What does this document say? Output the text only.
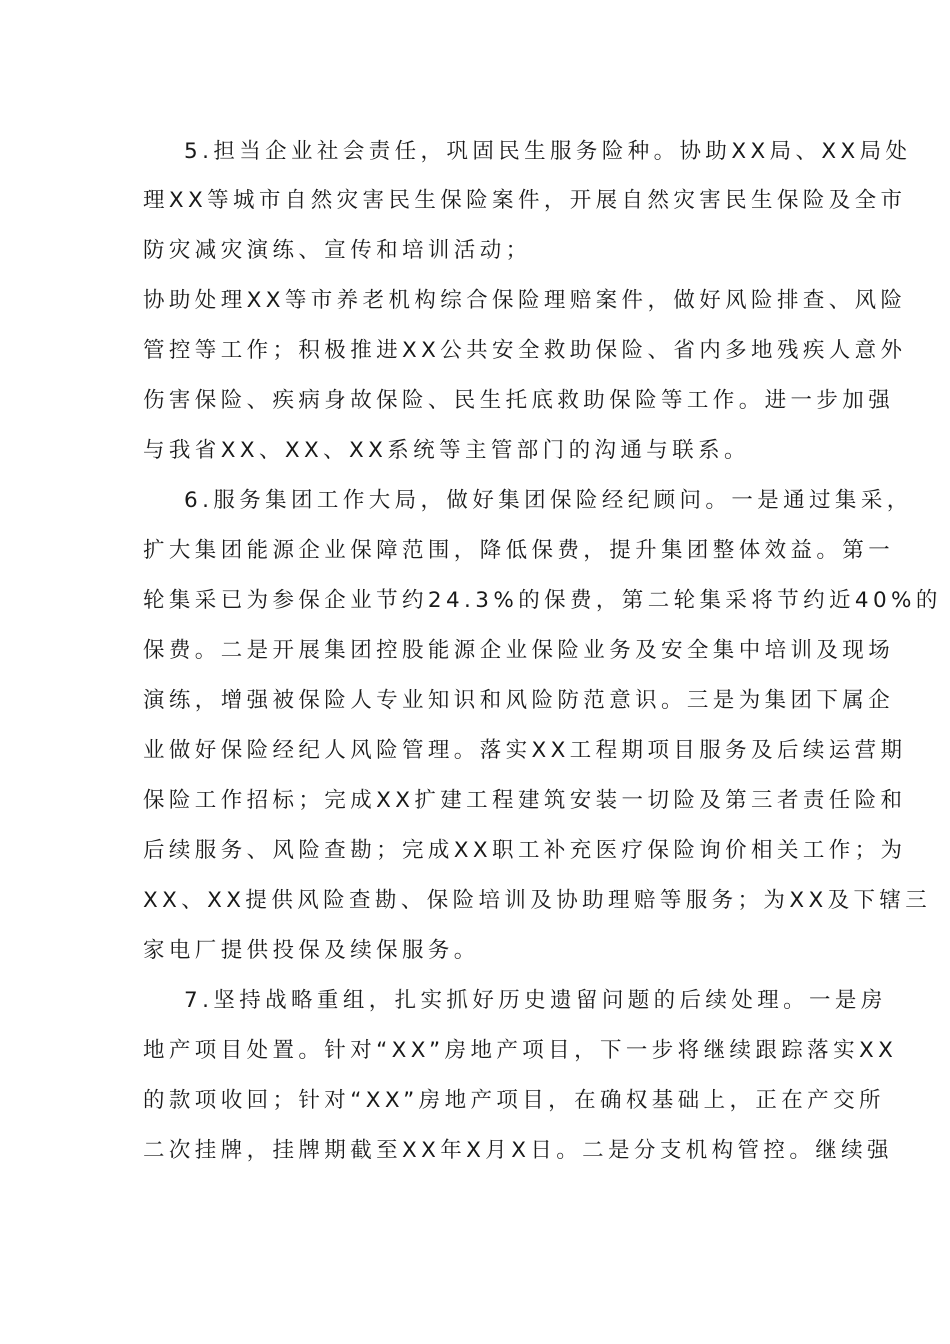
5.担当企业社会责任，巩固民生服务险种。协助XX局、XX局处
理XX等城市自然灾害民生保险案件，开展自然灾害民生保险及全市
防灾减灾演练、宣传和培训活动；
协助处理XX等市养老机构综合保险理赔案件，做好风险排查、风险
管控等工作；积极推进XX公共安全救助保险、省内多地残疾人意外
伤害保险、疾病身故保险、民生托底救助保险等工作。进一步加强
与我省XX、XX、XX系统等主管部门的沟通与联系。
6.服务集团工作大局，做好集团保险经纪顾问。一是通过集采，
扩大集团能源企业保障范围，降低保费，提升集团整体效益。第一
轮集采已为参保企业节约24.3%的保费，第二轮集采将节约近40%的
保费。二是开展集团控股能源企业保险业务及安全集中培训及现场
演练，增强被保险人专业知识和风险防范意识。三是为集团下属企
业做好保险经纪人风险管理。落实XX工程期项目服务及后续运营期
保险工作招标；完成XX扩建工程建筑安装一切险及第三者责任险和
后续服务、风险查勘；完成XX职工补充医疗保险询价相关工作；为
XX、XX提供风险查勘、保险培训及协助理赔等服务；为XX及下辖三
家电厂提供投保及续保服务。
7.坚持战略重组，扎实抓好历史遗留问题的后续处理。一是房
地产项目处置。针对“XX”房地产项目，下一步将继续跟踪落实XX
的款项收回；针对“XX”房地产项目，在确权基础上，正在产交所
二次挂牌，挂牌期截至XX年X月X日。二是分支机构管控。继续强
